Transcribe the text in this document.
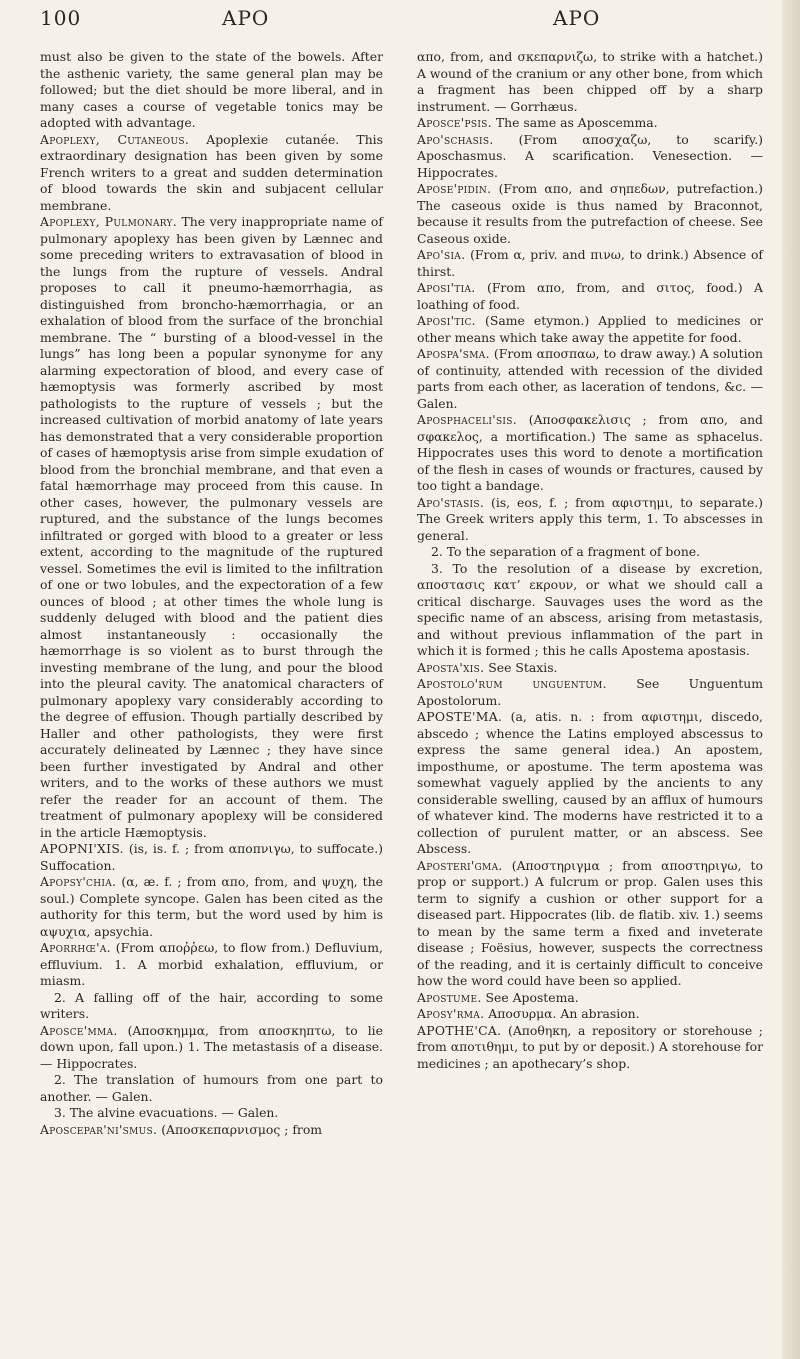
100	APO	APO

must also be given to the state of the bowels. After the asthenic variety, the same general plan may be followed; but the diet should be more liberal, and in many cases a course of vegetable tonics may be adopted with advantage.

Apoplexy, Cutaneous. Apoplexie cutanée. This extraordinary designation has been given by some French writers to a great and sudden determination of blood towards the skin and subjacent cellular membrane.

Apoplexy, Pulmonary. The very inappropriate name of pulmonary apoplexy has been given by Lænnec and some preceding writers to extravasation of blood in the lungs from the rupture of vessels. Andral proposes to call it pneumo-hæmorrhagia, as distinguished from broncho-hæmorrhagia, or an exhalation of blood from the surface of the bronchial membrane. The “ bursting of a blood-vessel in the lungs” has long been a popular synonyme for any alarming expectoration of blood, and every case of hæmoptysis was formerly ascribed by most pathologists to the rupture of vessels ; but the increased cultivation of morbid anatomy of late years has demonstrated that a very considerable proportion of cases of hæmoptysis arise from simple exudation of blood from the bronchial membrane, and that even a fatal hæmorrhage may proceed from this cause. In other cases, however, the pulmonary vessels are ruptured, and the substance of the lungs becomes infiltrated or gorged with blood to a greater or less extent, according to the magnitude of the ruptured vessel. Sometimes the evil is limited to the infiltration of one or two lobules, and the expectoration of a few ounces of blood ; at other times the whole lung is suddenly deluged with blood and the patient dies almost instantaneously : occasionally the hæmorrhage is so violent as to burst through the investing membrane of the lung, and pour the blood into the pleural cavity. The anatomical characters of pulmonary apoplexy vary considerably according to the degree of effusion. Though partially described by Haller and other pathologists, they were first accurately delineated by Lænnec ; they have since been further investigated by Andral and other writers, and to the works of these authors we must refer the reader for an account of them. The treatment of pulmonary apoplexy will be considered in the article Hæmoptysis.

APOPNI'XIS. (is, is. f. ; from αποπνιγω, to suffocate.) Suffocation.

Apopsy'chia. (α, æ. f. ; from απο, from, and ψυχη, the soul.) Complete syncope. Galen has been cited as the authority for this term, but the word used by him is αψυχια, apsychia.

Aporrhœ'a. (From αποῤῥεω, to flow from.) Defluvium, effluvium. 1. A morbid exhalation, effluvium, or miasm.

2. A falling off of the hair, according to some writers.

Aposce'mma. (Αποσκημμα, from αποσκηπτω, to lie down upon, fall upon.) 1. The metastasis of a disease.— Hippocrates.

2. The translation of humours from one part to another. — Galen.

3. The alvine evacuations. — Galen.

Aposcepar'ni'smus. (Αποσκεπαρνισμος ; from

απο, from, and σκεπαρνιζω, to strike with a hatchet.) A wound of the cranium or any other bone, from which a fragment has been chipped off by a sharp instrument. — Gorrhæus.

Aposce'psis. The same as Aposcemma.

Apo'schasis. (From αποσχαζω, to scarify.) Aposchasmus. A scarification. Venesection. — Hippocrates.

Apose'pidin. (From απο, and σηπεδων, putrefaction.) The caseous oxide is thus named by Braconnot, because it results from the putrefaction of cheese. See Caseous oxide.

Apo'sia. (From α, priv. and πινω, to drink.) Absence of thirst.

Aposi'tia. (From απο, from, and σιτος, food.) A loathing of food.

Aposi'tic. (Same etymon.) Applied to medicines or other means which take away the appetite for food.

Apospa'sma. (From αποσπαω, to draw away.) A solution of continuity, attended with recession of the divided parts from each other, as laceration of tendons, &c. — Galen.

Aposphaceli'sis. (Αποσφακελισις ; from απο, and σφακελος, a mortification.) The same as sphacelus. Hippocrates uses this word to denote a mortification of the flesh in cases of wounds or fractures, caused by too tight a bandage.

Apo'stasis. (is, eos, f. ; from αφιστημι, to separate.) The Greek writers apply this term, 1. To abscesses in general.

2. To the separation of a fragment of bone.

3. To the resolution of a disease by excretion, αποστασις κατ’ εκρουν, or what we should call a critical discharge. Sauvages uses the word as the specific name of an abscess, arising from metastasis, and without previous inflammation of the part in which it is formed ; this he calls Apostema apostasis.

Aposta'xis. See Staxis.

Apostolo'rum unguentum. See Unguentum Apostolorum.

APOSTE'MA. (a, atis. n. : from αφιστημι, discedo, abscedo ; whence the Latins employed abscessus to express the same general idea.) An apostem, imposthume, or apostume. The term apostema was somewhat vaguely applied by the ancients to any considerable swelling, caused by an afflux of humours of whatever kind. The moderns have restricted it to a collection of purulent matter, or an abscess. See Abscess.

Aposteri'gma. (Αποστηριγμα ; from αποστηριγω, to prop or support.) A fulcrum or prop. Galen uses this term to signify a cushion or other support for a diseased part. Hippocrates (lib. de flatib. xiv. 1.) seems to mean by the same term a fixed and inveterate disease ; Foësius, however, suspects the correctness of the reading, and it is certainly difficult to conceive how the word could have been so applied.

Apostume. See Apostema.

Aposy'rma. Αποσυρμα. An abrasion.

APOTHE'CA. (Αποθηκη, a repository or storehouse ; from αποτιθημι, to put by or deposit.) A storehouse for medicines ; an apothecary’s shop.
